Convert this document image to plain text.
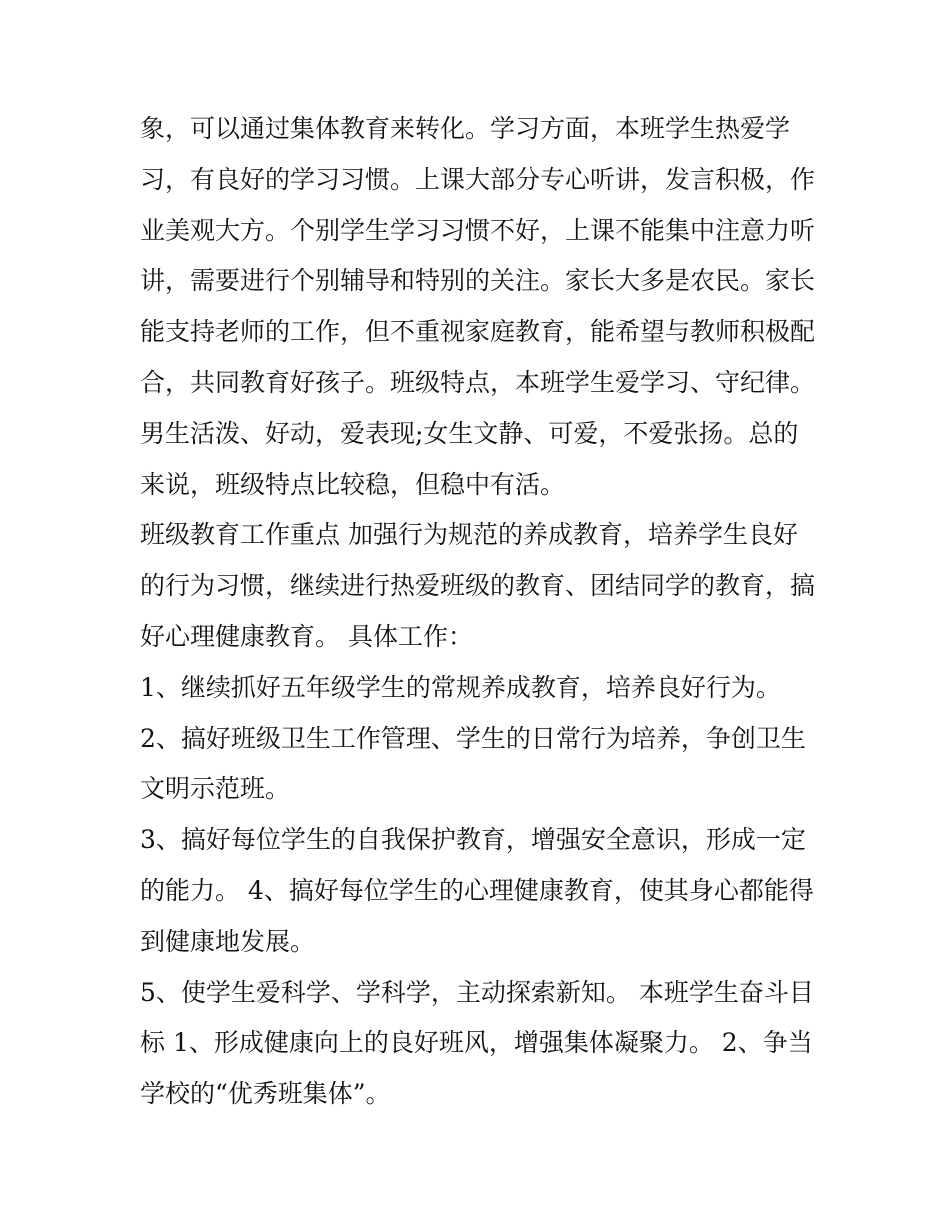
象，可以通过集体教育来转化。学习方面，本班学生热爱学
习，有良好的学习习惯。上课大部分专心听讲，发言积极，作
业美观大方。个别学生学习习惯不好，上课不能集中注意力听
讲，需要进行个别辅导和特别的关注。家长大多是农民。家长
能支持老师的工作，但不重视家庭教育，能希望与教师积极配
合，共同教育好孩子。班级特点，本班学生爱学习、守纪律。
男生活泼、好动，爱表现;女生文静、可爱，不爱张扬。总的
来说，班级特点比较稳，但稳中有活。
班级教育工作重点 加强行为规范的养成教育，培养学生良好
的行为习惯，继续进行热爱班级的教育、团结同学的教育，搞
好心理健康教育。 具体工作：
1、继续抓好五年级学生的常规养成教育，培养良好行为。
2、搞好班级卫生工作管理、学生的日常行为培养，争创卫生
文明示范班。
3、搞好每位学生的自我保护教育，增强安全意识，形成一定
的能力。 4、搞好每位学生的心理健康教育，使其身心都能得
到健康地发展。
5、使学生爱科学、学科学，主动探索新知。 本班学生奋斗目
标 1、形成健康向上的良好班风，增强集体凝聚力。 2、争当
学校的“优秀班集体”。
